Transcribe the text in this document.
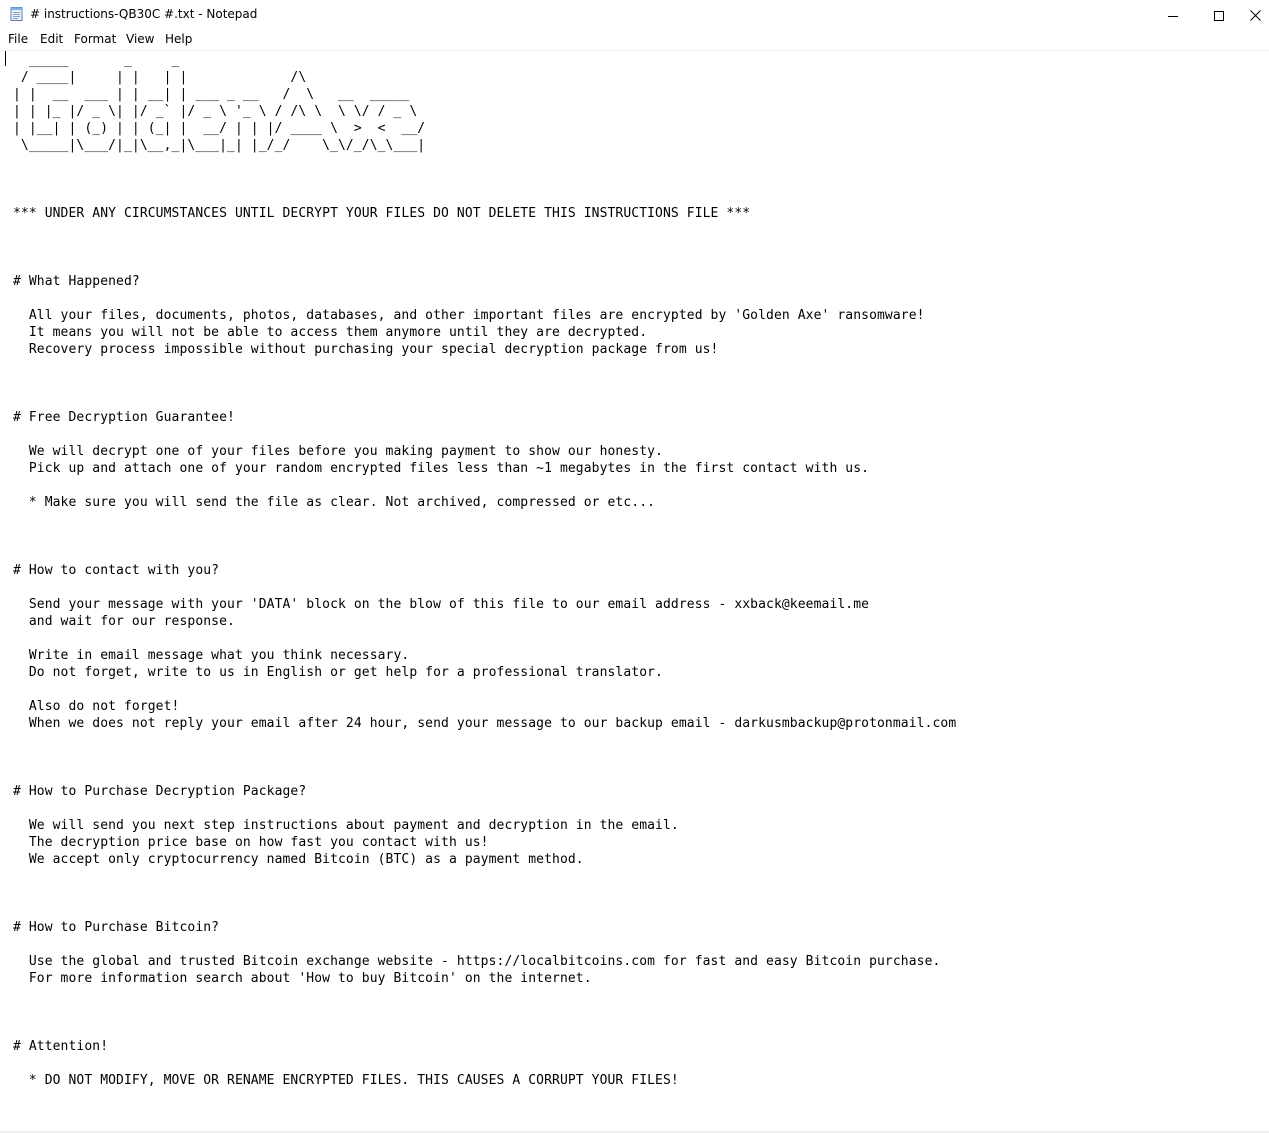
# instructions-QB30C #.txt - Notepad
File Edit Format View Help
_____       _     _
/ ____|     | |   | |             /\
| |  __  ___ | | __| | ___ _ __   /  \   __  _____
| | |_ |/ _ \| |/ _` |/ _ \ '_ \ / /\ \  \ \/ / _ \
| |__| | (_) | | (_| |  __/ | | |/ ____ \  >  <  __/
\_____|\___/|_|\__,_|\___|_| |_/_/    \_\/_/\_\___|

*** UNDER ANY CIRCUMSTANCES UNTIL DECRYPT YOUR FILES DO NOT DELETE THIS INSTRUCTIONS FILE ***

# What Happened?

All your files, documents, photos, databases, and other important files are encrypted by 'Golden Axe' ransomware!
It means you will not be able to access them anymore until they are decrypted.
Recovery process impossible without purchasing your special decryption package from us!

# Free Decryption Guarantee!

We will decrypt one of your files before you making payment to show our honesty.
Pick up and attach one of your random encrypted files less than ~1 megabytes in the first contact with us.

* Make sure you will send the file as clear. Not archived, compressed or etc...

# How to contact with you?

Send your message with your 'DATA' block on the blow of this file to our email address - xxback@keemail.me
and wait for our response.

Write in email message what you think necessary.
Do not forget, write to us in English or get help for a professional translator.

Also do not forget!
When we does not reply your email after 24 hour, send your message to our backup email - darkusmbackup@protonmail.com

# How to Purchase Decryption Package?

We will send you next step instructions about payment and decryption in the email.
The decryption price base on how fast you contact with us!
We accept only cryptocurrency named Bitcoin (BTC) as a payment method.

# How to Purchase Bitcoin?

Use the global and trusted Bitcoin exchange website - https://localbitcoins.com for fast and easy Bitcoin purchase.
For more information search about 'How to buy Bitcoin' on the internet.

# Attention!

* DO NOT MODIFY, MOVE OR RENAME ENCRYPTED FILES. THIS CAUSES A CORRUPT YOUR FILES!
